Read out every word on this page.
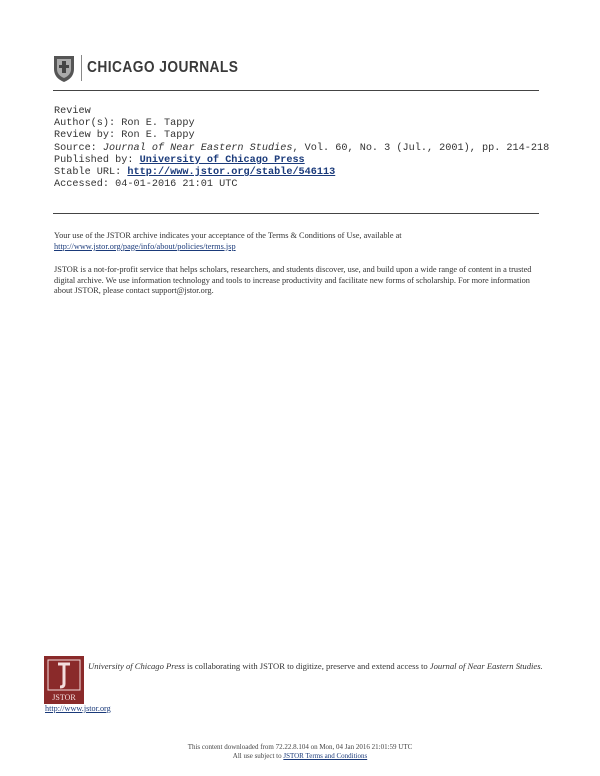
CHICAGO JOURNALS
Review
Author(s): Ron E. Tappy
Review by: Ron E. Tappy
Source: Journal of Near Eastern Studies, Vol. 60, No. 3 (Jul., 2001), pp. 214-218
Published by: University of Chicago Press
Stable URL: http://www.jstor.org/stable/546113
Accessed: 04-01-2016 21:01 UTC
Your use of the JSTOR archive indicates your acceptance of the Terms & Conditions of Use, available at http://www.jstor.org/page/info/about/policies/terms.jsp
JSTOR is a not-for-profit service that helps scholars, researchers, and students discover, use, and build upon a wide range of content in a trusted digital archive. We use information technology and tools to increase productivity and facilitate new forms of scholarship. For more information about JSTOR, please contact support@jstor.org.
JSTOR
University of Chicago Press is collaborating with JSTOR to digitize, preserve and extend access to Journal of Near Eastern Studies.
http://www.jstor.org
This content downloaded from 72.22.8.104 on Mon, 04 Jan 2016 21:01:59 UTC
All use subject to JSTOR Terms and Conditions
